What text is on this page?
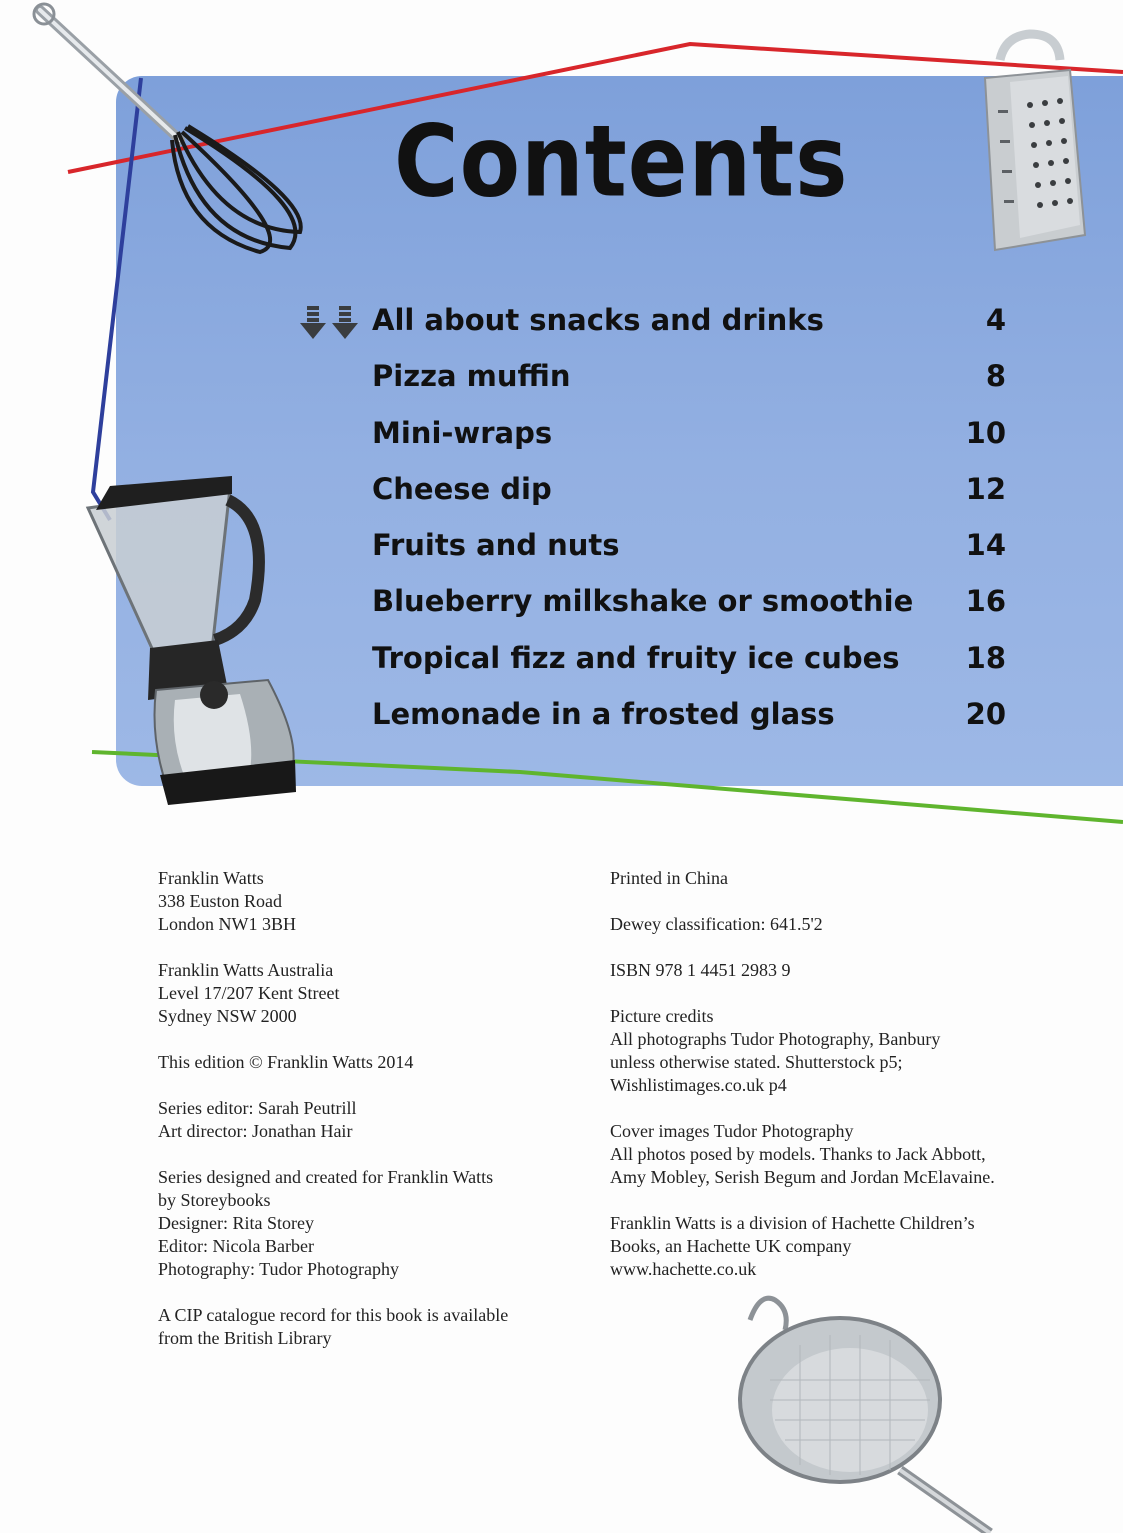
Contents
All about snacks and drinks	4
Pizza muffin	8
Mini-wraps	10
Cheese dip	12
Fruits and nuts	14
Blueberry milkshake or smoothie 16
Tropical fizz and fruity ice cubes 18
Lemonade in a frosted glass	20

Franklin Watts
338 Euston Road
London NW1 3BH

Franklin Watts Australia
Level 17/207 Kent Street
Sydney NSW 2000

This edition © Franklin Watts 2014

Series editor: Sarah Peutrill
Art director: Jonathan Hair

Series designed and created for Franklin Watts
by Storeybooks
Designer: Rita Storey
Editor: Nicola Barber
Photography: Tudor Photography

A CIP catalogue record for this book is available
from the British Library

Printed in China

Dewey classification: 641.5'2

ISBN 978 1 4451 2983 9

Picture credits
All photographs Tudor Photography, Banbury
unless otherwise stated. Shutterstock p5;
Wishlistimages.co.uk p4

Cover images Tudor Photography
All photos posed by models. Thanks to Jack Abbott,
Amy Mobley, Serish Begum and Jordan McElavaine.

Franklin Watts is a division of Hachette Children’s
Books, an Hachette UK company
www.hachette.co.uk
